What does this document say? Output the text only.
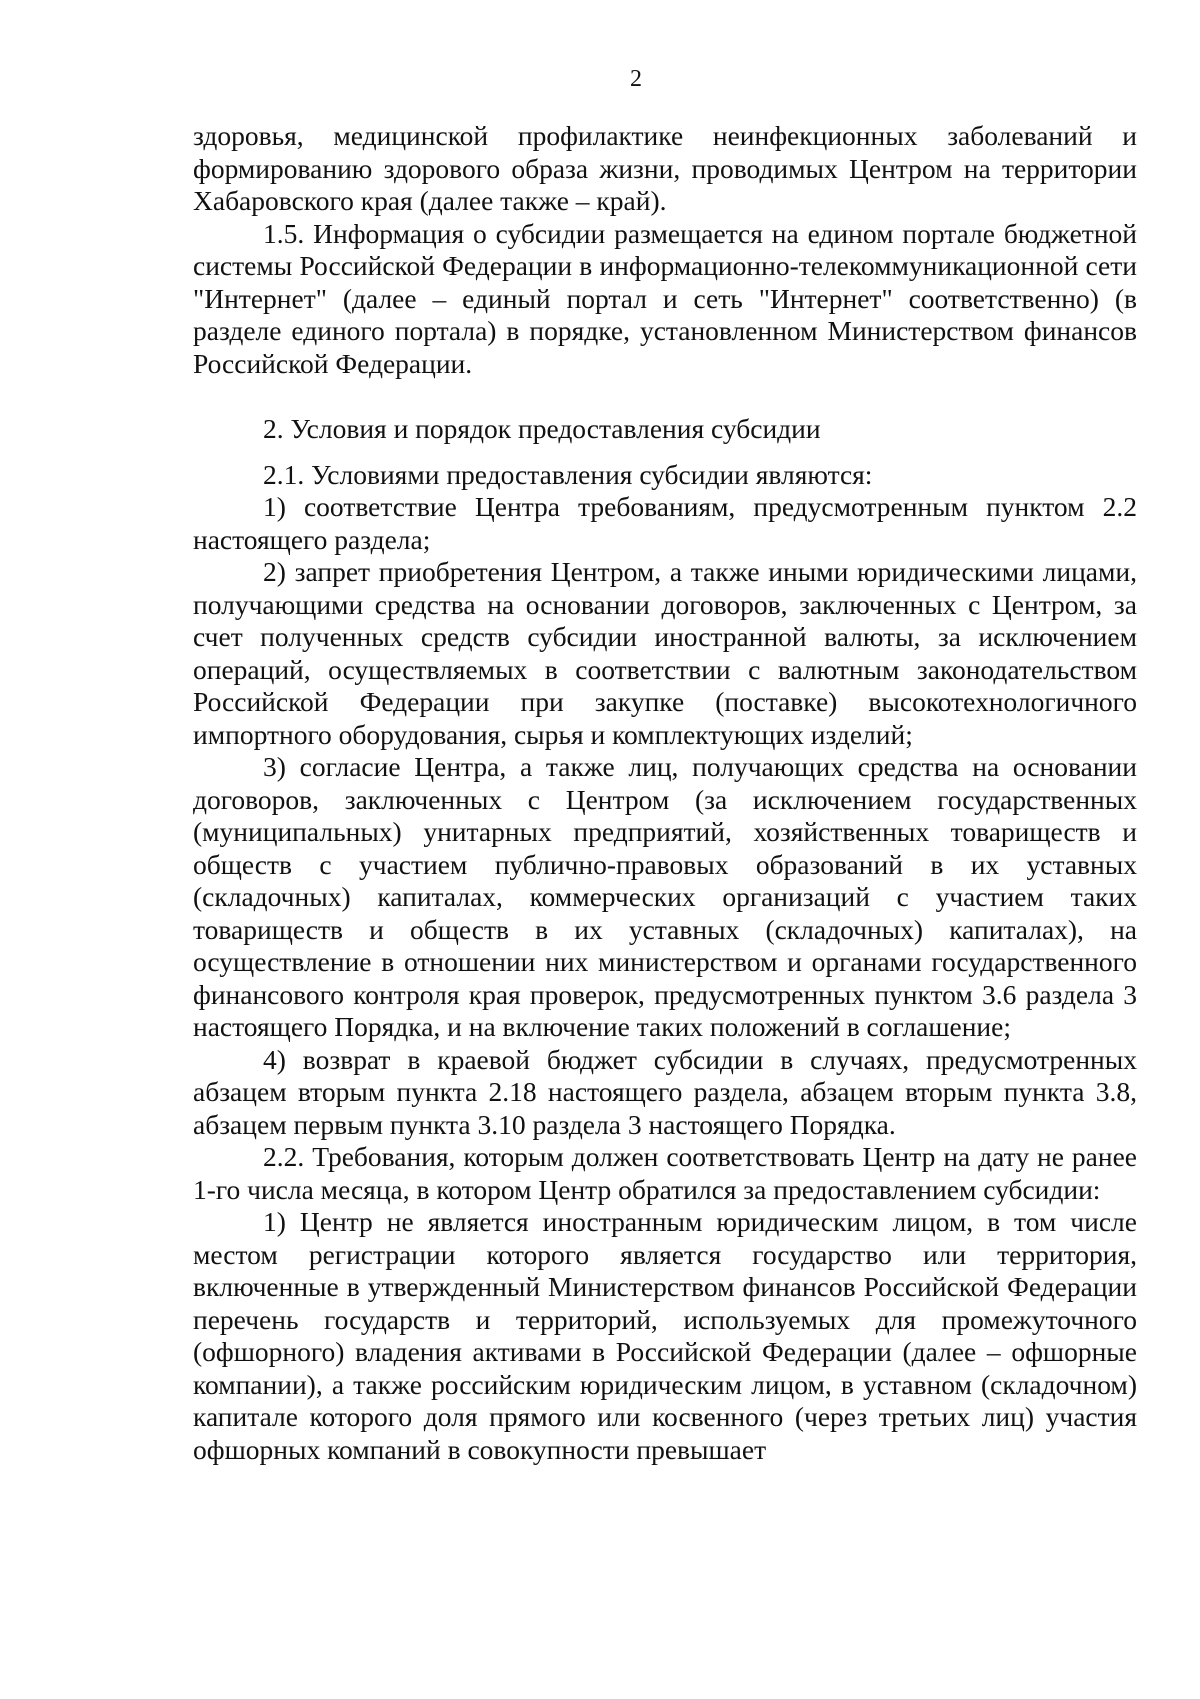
2

здоровья, медицинской профилактике неинфекционных заболеваний и формированию здорового образа жизни, проводимых Центром на территории Хабаровского края (далее также – край).

1.5. Информация о субсидии размещается на едином портале бюджетной системы Российской Федерации в информационно-телекоммуникационной сети "Интернет" (далее – единый портал и сеть "Интернет" соответственно) (в разделе единого портала) в порядке, установленном Министерством финансов Российской Федерации.

2. Условия и порядок предоставления субсидии

2.1. Условиями предоставления субсидии являются:

1) соответствие Центра требованиям, предусмотренным пунктом 2.2 настоящего раздела;

2) запрет приобретения Центром, а также иными юридическими лицами, получающими средства на основании договоров, заключенных с Центром, за счет полученных средств субсидии иностранной валюты, за исключением операций, осуществляемых в соответствии с валютным законодательством Российской Федерации при закупке (поставке) высокотехнологичного импортного оборудования, сырья и комплектующих изделий;

3) согласие Центра, а также лиц, получающих средства на основании договоров, заключенных с Центром (за исключением государственных (муниципальных) унитарных предприятий, хозяйственных товариществ и обществ с участием публично-правовых образований в их уставных (складочных) капиталах, коммерческих организаций с участием таких товариществ и обществ в их уставных (складочных) капиталах), на осуществление в отношении них министерством и органами государственного финансового контроля края проверок, предусмотренных пунктом 3.6 раздела 3 настоящего Порядка, и на включение таких положений в соглашение;

4) возврат в краевой бюджет субсидии в случаях, предусмотренных абзацем вторым пункта 2.18 настоящего раздела, абзацем вторым пункта 3.8, абзацем первым пункта 3.10 раздела 3 настоящего Порядка.

2.2. Требования, которым должен соответствовать Центр на дату не ранее 1-го числа месяца, в котором Центр обратился за предоставлением субсидии:

1) Центр не является иностранным юридическим лицом, в том числе местом регистрации которого является государство или территория, включенные в утвержденный Министерством финансов Российской Федерации перечень государств и территорий, используемых для промежуточного (офшорного) владения активами в Российской Федерации (далее – офшорные компании), а также российским юридическим лицом, в уставном (складочном) капитале которого доля прямого или косвенного (через третьих лиц) участия офшорных компаний в совокупности превышает
